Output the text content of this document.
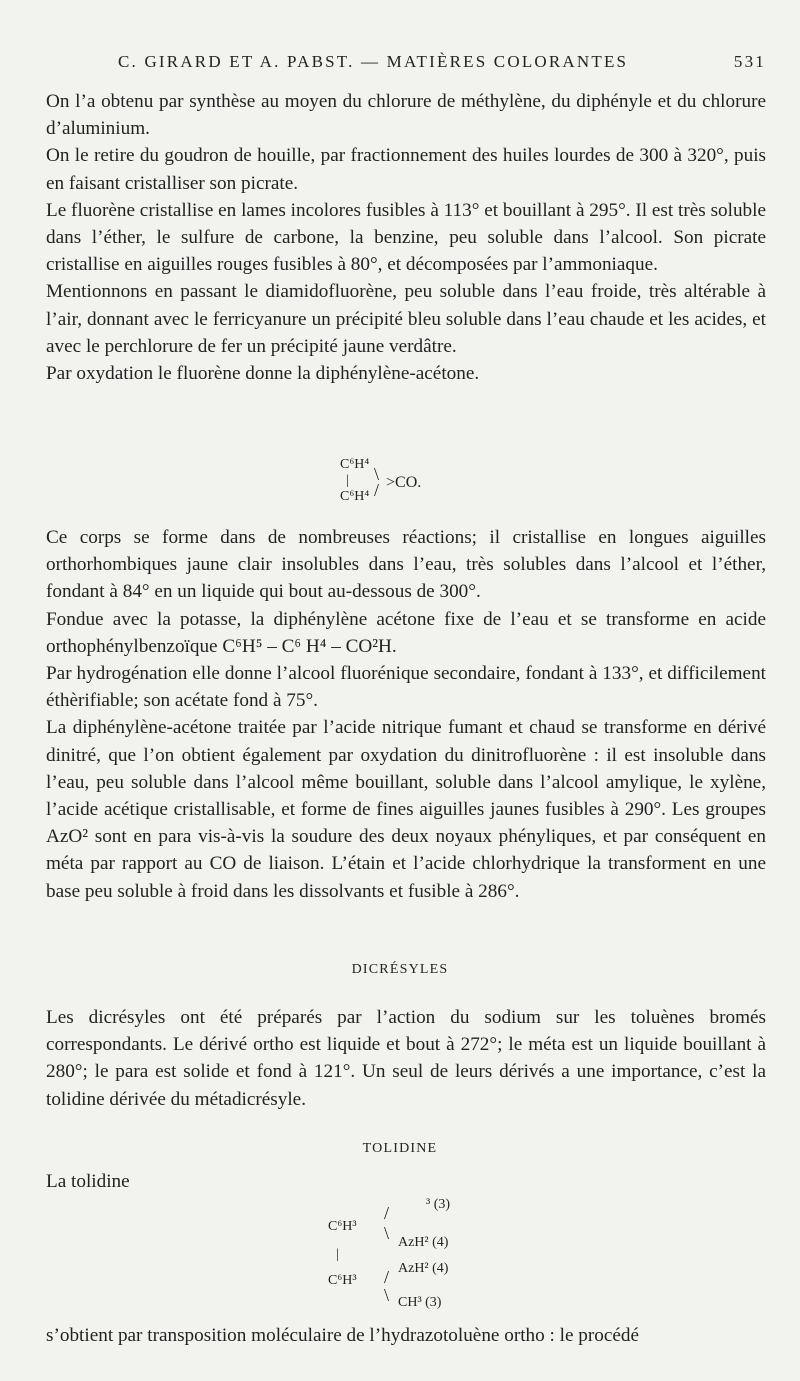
C. GIRARD ET A. PABST. — MATIÈRES COLORANTES	531

On l’a obtenu par synthèse au moyen du chlorure de méthylène, du diphényle et du chlorure d’aluminium.

On le retire du goudron de houille, par fractionnement des huiles lourdes de 300 à 320°, puis en faisant cristalliser son picrate.

Le fluorène cristallise en lames incolores fusibles à 113° et bouillant à 295°. Il est très soluble dans l’éther, le sulfure de carbone, la benzine, peu soluble dans l’alcool. Son picrate cristallise en aiguilles rouges fusibles à 80°, et décomposées par l’ammoniaque.

Mentionnons en passant le diamidofluorène, peu soluble dans l’eau froide, très altérable à l’air, donnant avec le ferricyanure un précipité bleu soluble dans l’eau chaude et les acides, et avec le perchlorure de fer un précipité jaune verdâtre.

Par oxydation le fluorène donne la diphénylène-acétone.

C⁶H⁴ \
| >CO.
C⁶H⁴ /

Ce corps se forme dans de nombreuses réactions; il cristallise en longues aiguilles orthorhombiques jaune clair insolubles dans l’eau, très solubles dans l’alcool et l’éther, fondant à 84° en un liquide qui bout au-dessous de 300°.

Fondue avec la potasse, la diphénylène acétone fixe de l’eau et se transforme en acide orthophénylbenzoïque C⁶H⁵ – C⁶ H⁴ – CO²H.

Par hydrogénation elle donne l’alcool fluorénique secondaire, fondant à 133°, et difficilement éthèrifiable; son acétate fond à 75°.

La diphénylène-acétone traitée par l’acide nitrique fumant et chaud se transforme en dérivé dinitré, que l’on obtient également par oxydation du dinitrofluorène : il est insoluble dans l’eau, peu soluble dans l’alcool même bouillant, soluble dans l’alcool amylique, le xylène, l’acide acétique cristallisable, et forme de fines aiguilles jaunes fusibles à 290°. Les groupes AzO² sont en para vis-à-vis la soudure des deux noyaux phényliques, et par conséquent en méta par rapport au CO de liaison. L’étain et l’acide chlorhydrique la transforment en une base peu soluble à froid dans les dissolvants et fusible à 286°.

DICRÉSYLES

Les dicrésyles ont été préparés par l’action du sodium sur les toluènes bromés correspondants. Le dérivé ortho est liquide et bout à 272°; le méta est un liquide bouillant à 280°; le para est solide et fond à 121°. Un seul de leurs dérivés a une importance, c’est la tolidine dérivée du métadicrésyle.

TOLIDINE

La tolidine

³ (3)
/
C⁶H³ \ AzH² (4)
|
AzH² (4)
/
C⁶H³
\ CH³ (3)

s’obtient par transposition moléculaire de l’hydrazotoluène ortho : le procédé
